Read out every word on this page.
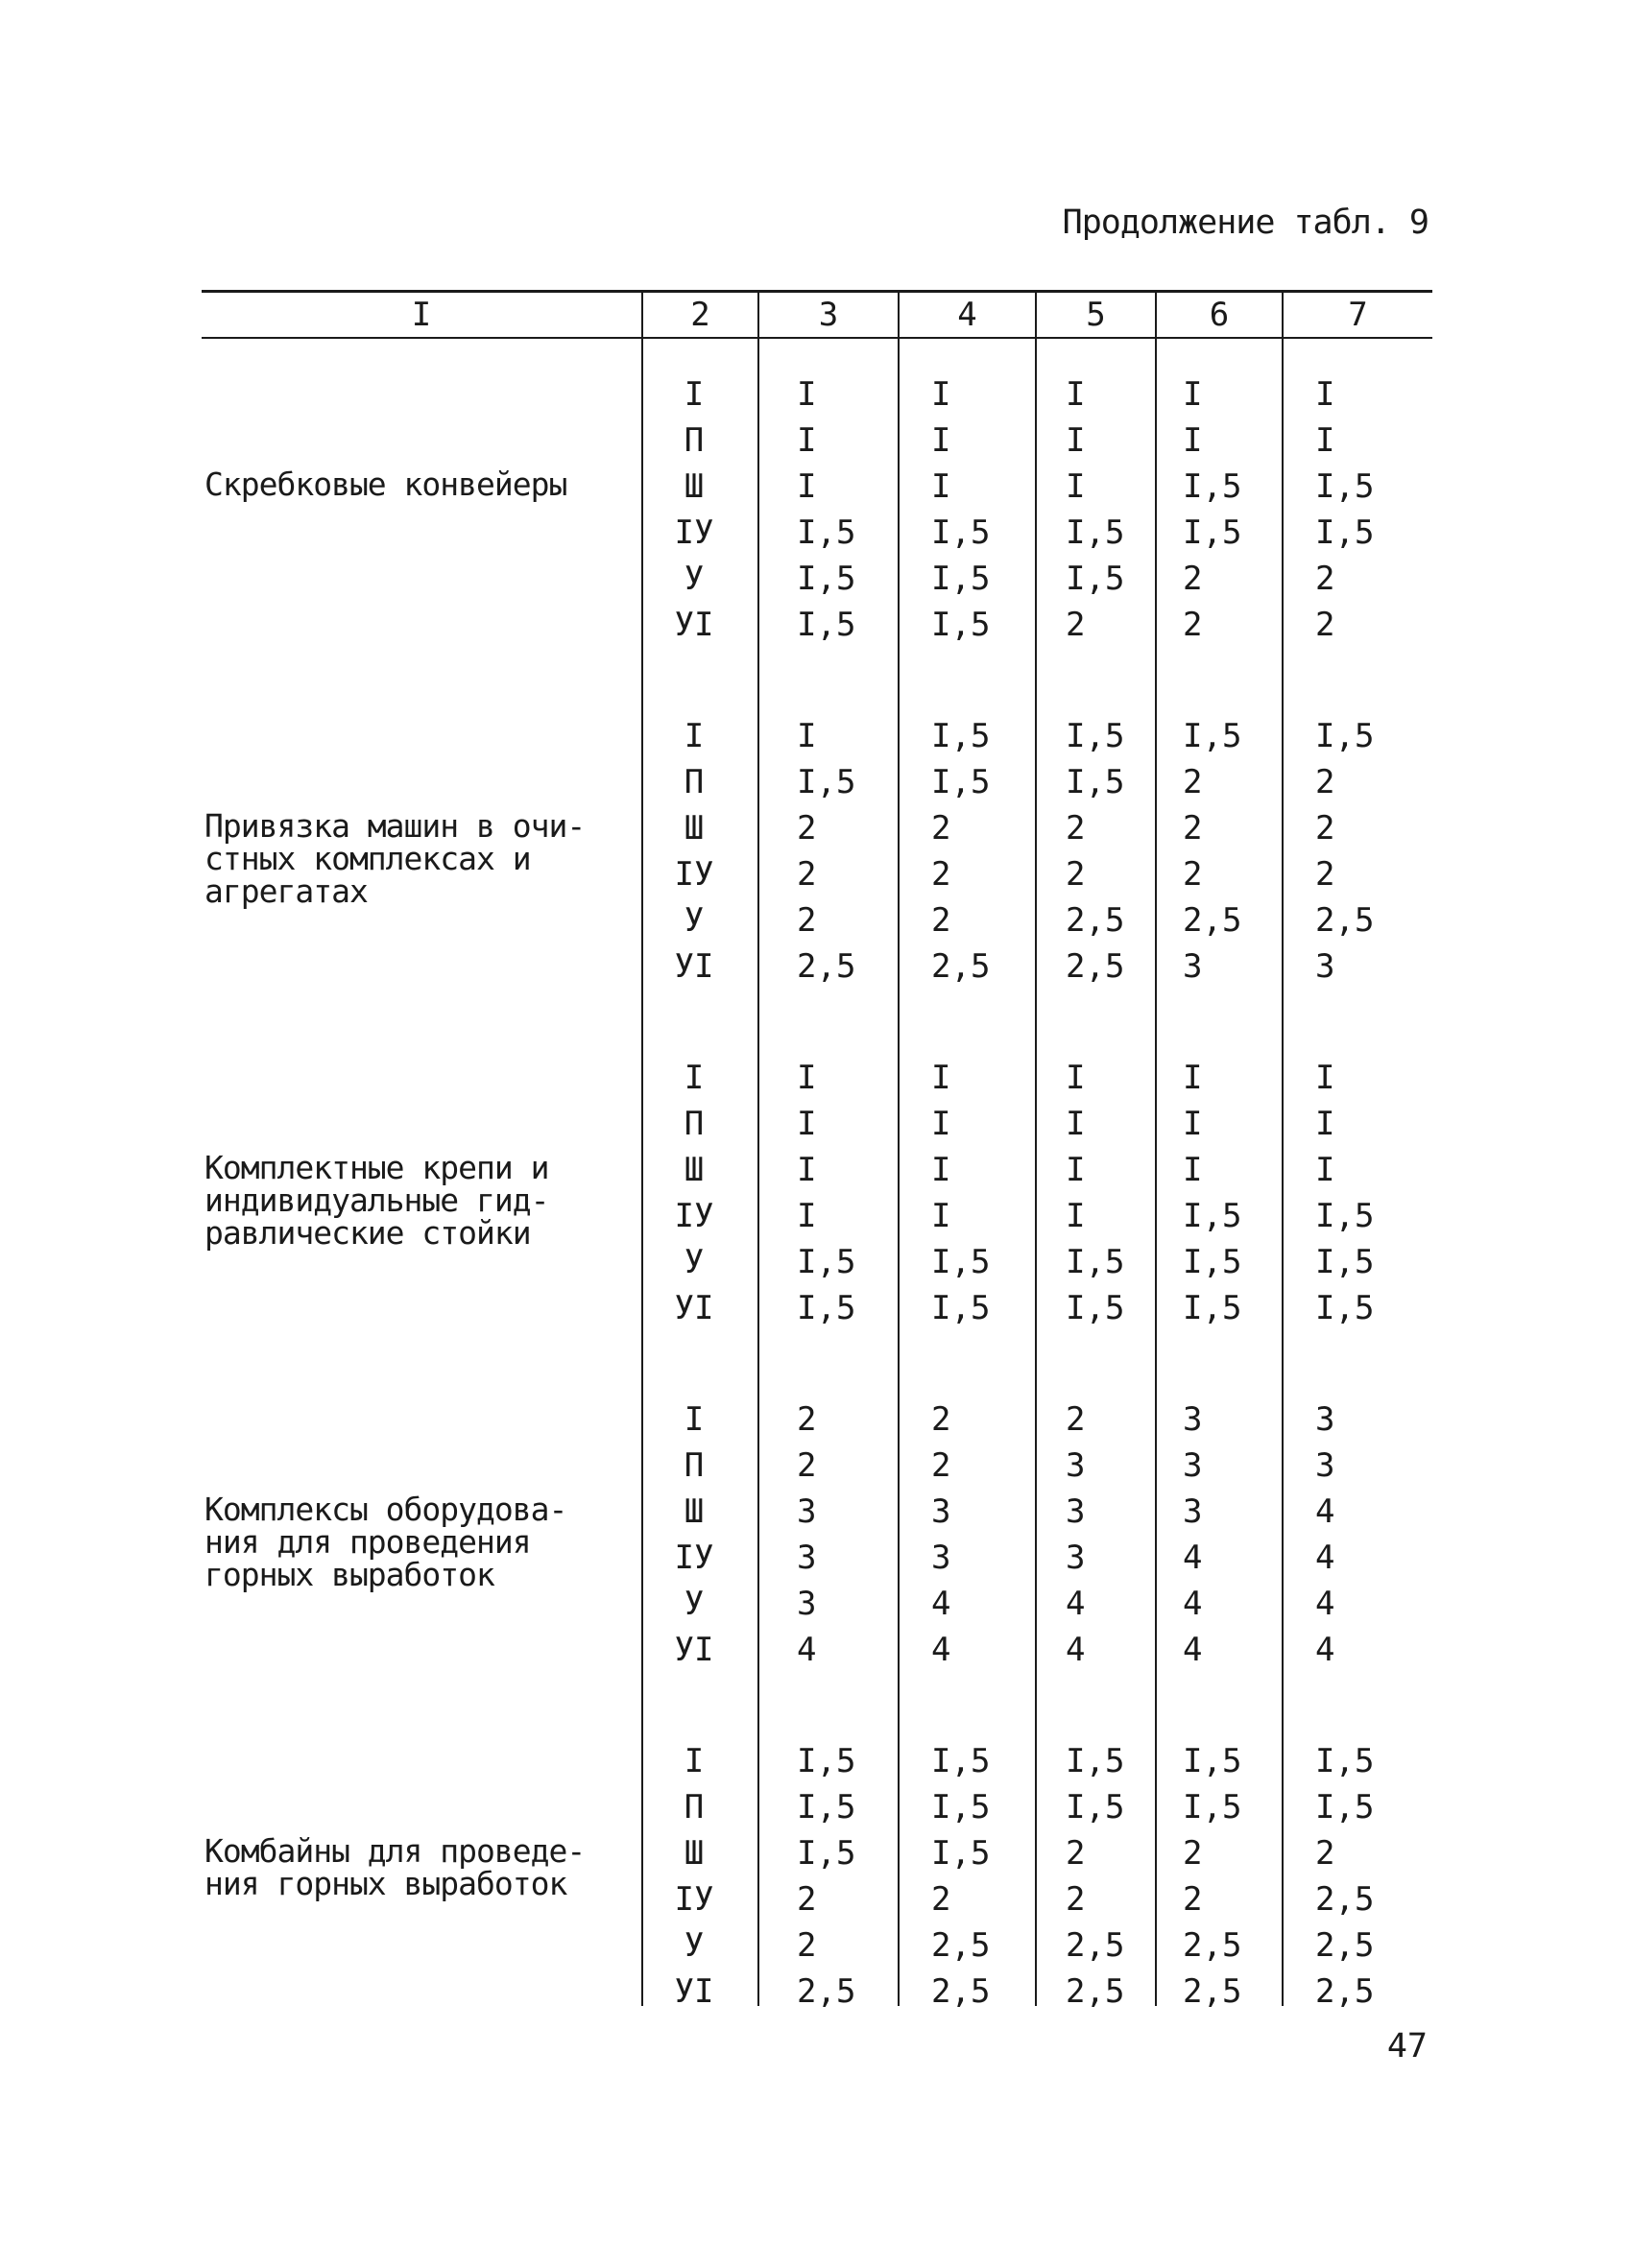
Продолжение табл. 9
I	2	3	4	5	6	7
Скребковые конвейеры
I	I	I	I	I	I
П	I	I	I	I	I
Ш	I	I	I	I,5 I,5
IУ	I,5 I,5 I,5 I,5 I,5
У	I,5 I,5 I,5 2	2
УI	I,5 I,5 2	2	2
Привязка машин в очи-
стных комплексах и
агрегатах
I	I	I,5 I,5 I,5 I,5
П	I,5 I,5 I,5 2	2
Ш	2	2	2	2	2
IУ	2	2	2	2	2
У	2	2	2,5 2,5 2,5
УI	2,5 2,5 2,5 3	3
Комплектные крепи и
индивидуальные гид-
равлические стойки
I	I	I	I	I	I
П	I	I	I	I	I
Ш	I	I	I	I	I
IУ	I	I	I	I,5 I,5
У	I,5 I,5 I,5 I,5 I,5
УI	I,5 I,5 I,5 I,5 I,5
Комплексы оборудова-
ния для проведения
горных выработок
I	2	2	2	3	3
П	2	2	3	3	3
Ш	3	3	3	3	4
IУ	3	3	3	4	4
У	3	4	4	4	4
УI	4	4	4	4	4
Комбайны для проведе-
ния горных выработок
I	I,5 I,5 I,5 I,5 I,5
П	I,5 I,5 I,5 I,5 I,5
Ш	I,5 I,5 2	2	2
IУ	2	2	2	2	2,5
У	2	2,5 2,5 2,5 2,5
УI	2,5 2,5 2,5 2,5 2,5
47
